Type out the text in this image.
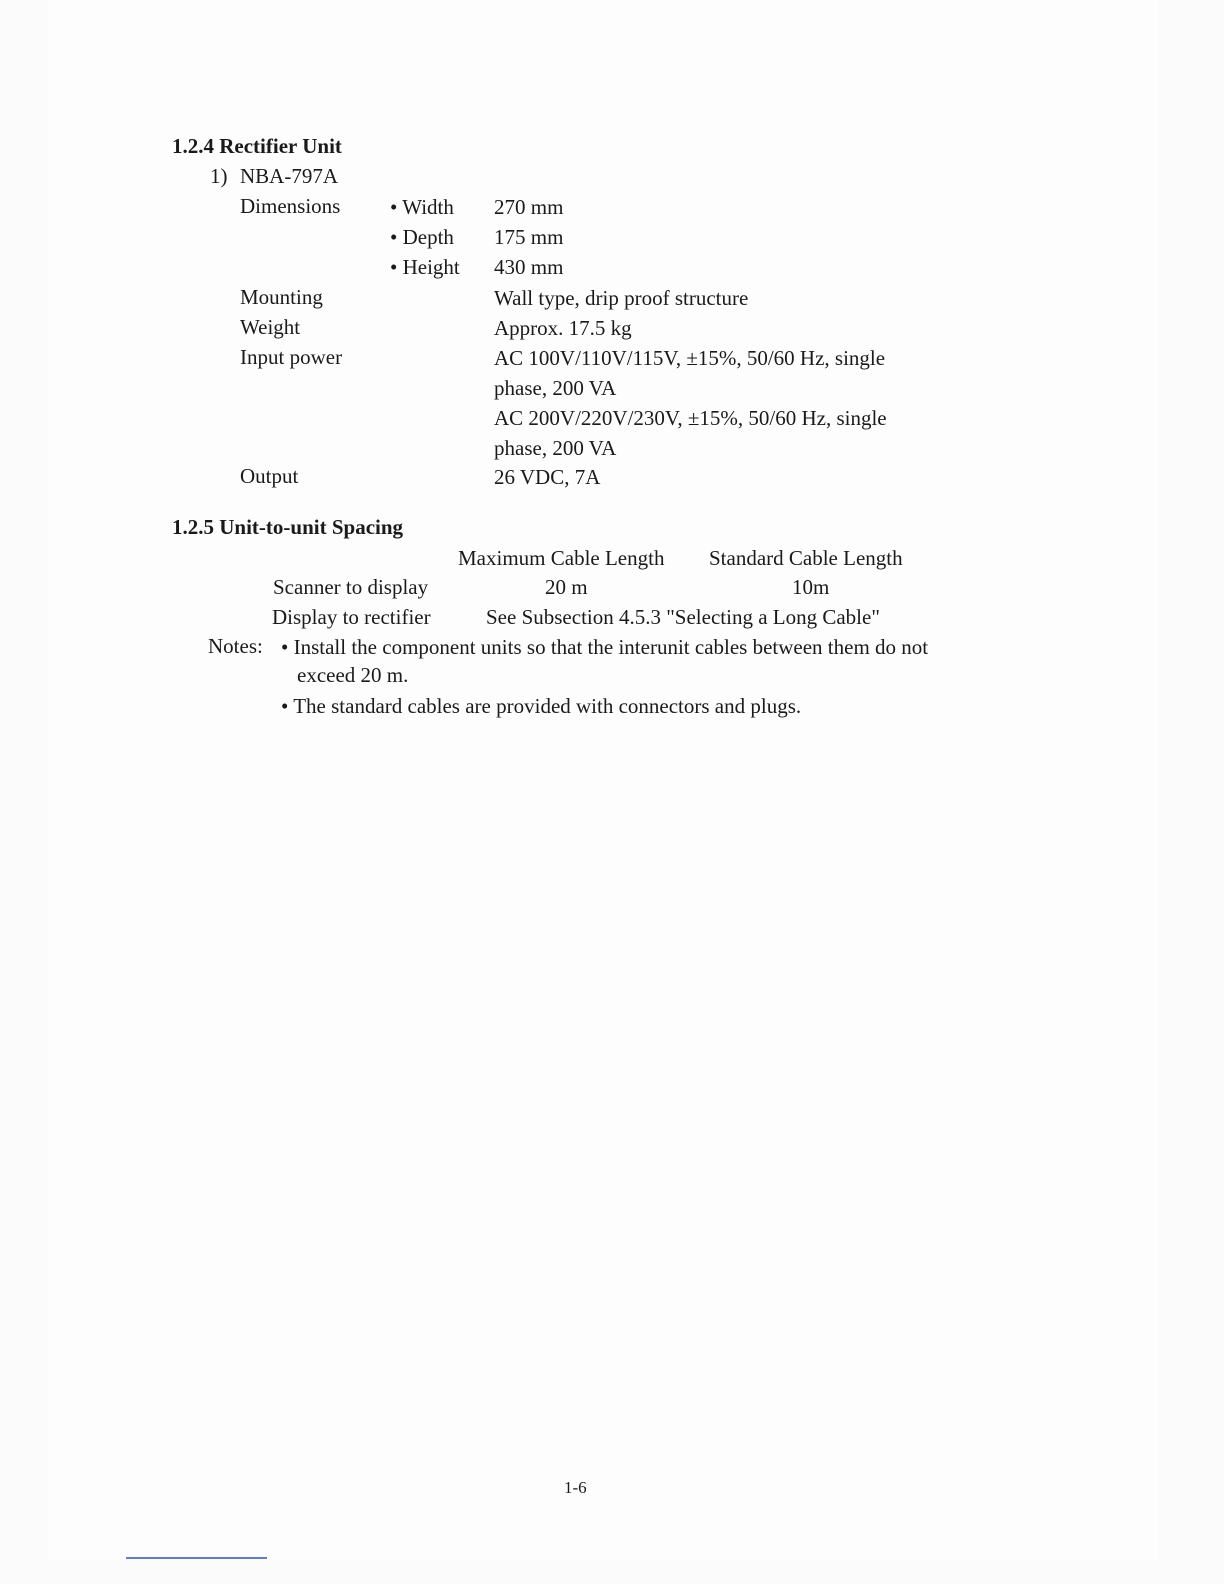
1.2.4 Rectifier Unit
1) NBA-797A
Dimensions • Width 270 mm
• Depth 175 mm
• Height 430 mm
Mounting	Wall type, drip proof structure
Weight	Approx. 17.5 kg
Input power	AC 100V/110V/115V, ±15%, 50/60 Hz, single
phase, 200 VA
AC 200V/220V/230V, ±15%, 50/60 Hz, single
phase, 200 VA
Output	26 VDC, 7A
1.2.5 Unit-to-unit Spacing
Maximum Cable Length Standard Cable Length
Scanner to display	20 m	10m
Display to rectifier	See Subsection 4.5.3 "Selecting a Long Cable"
Notes: • Install the component units so that the interunit cables between them do not
exceed 20 m.
• The standard cables are provided with connectors and plugs.
1-6
